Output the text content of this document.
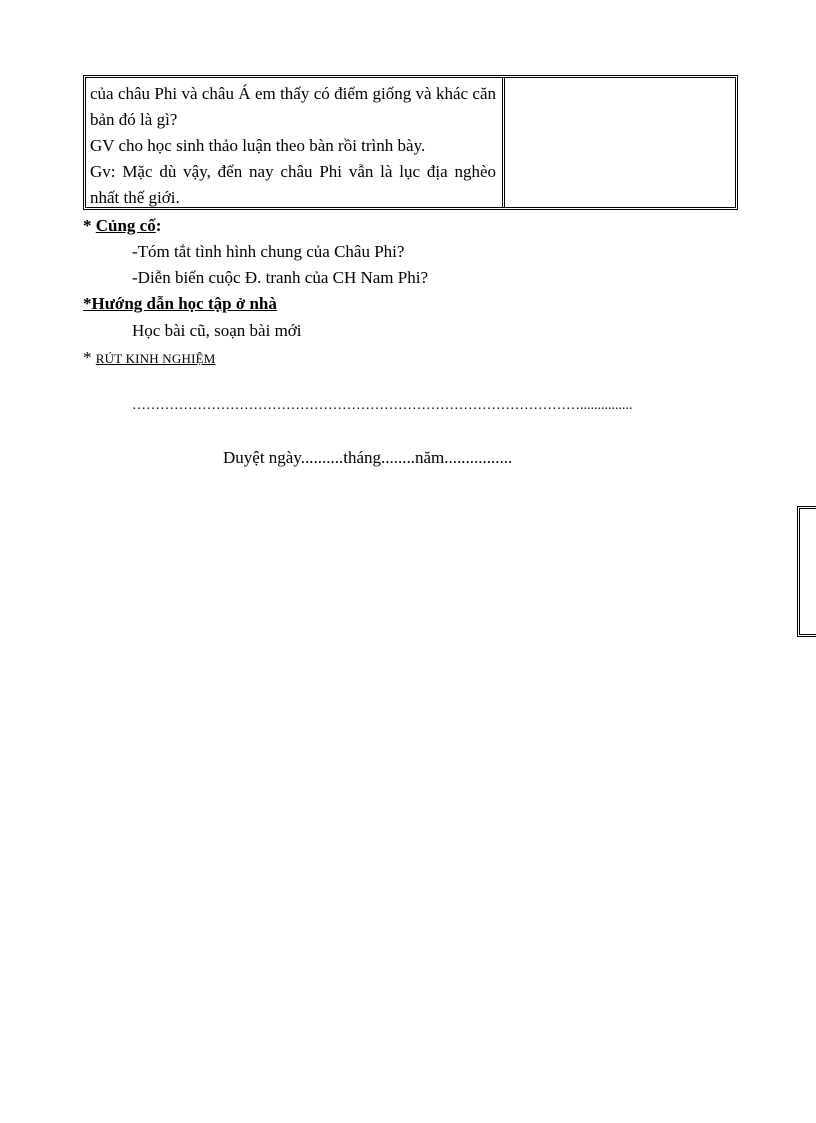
của châu Phi và châu Á em thấy có điểm giống và khác căn bản đó là gì?

GV cho học sinh thảo luận theo bàn rồi trình bày.

Gv: Mặc dù vậy, đến nay châu Phi vẫn là lục địa nghèo nhất thế giới.

* Củng cố:
-Tóm tắt tình hình chung của Châu Phi?
-Diễn biến cuộc Đ. tranh của CH Nam Phi?
*Hướng dẫn học tập ở nhà
Học bài cũ, soạn bài mới
* RÚT KINH NGHIỆM
……………………………………………………………………………………...............
Duyệt ngày..........tháng........năm................
